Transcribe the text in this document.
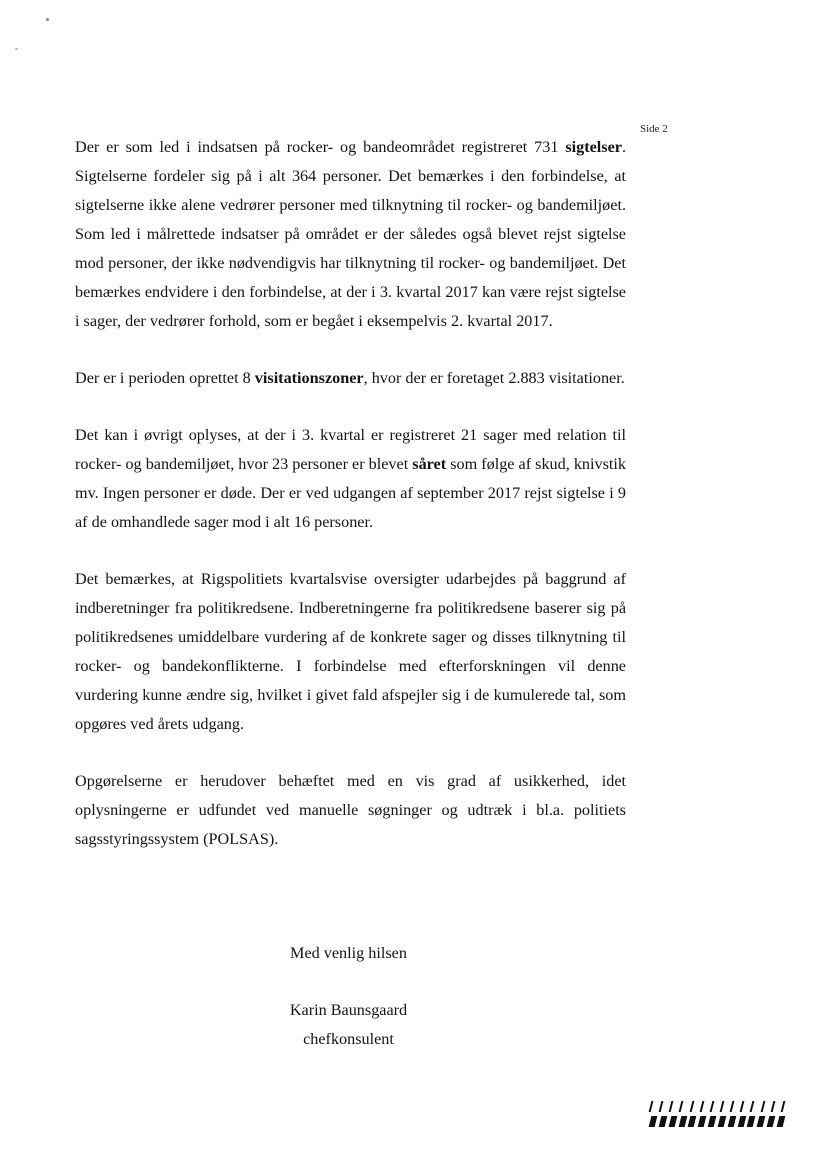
Side 2

Der er som led i indsatsen på rocker- og bandeområdet registreret 731 sigtelser. Sigtelserne fordeler sig på i alt 364 personer. Det bemærkes i den forbindelse, at sigtelserne ikke alene vedrører personer med tilknytning til rocker- og bandemiljøet. Som led i målrettede indsatser på området er der således også blevet rejst sigtelse mod personer, der ikke nødvendigvis har tilknytning til rocker- og bandemiljøet. Det bemærkes endvidere i den forbindelse, at der i 3. kvartal 2017 kan være rejst sigtelse i sager, der vedrører forhold, som er begået i eksempelvis 2. kvartal 2017.

Der er i perioden oprettet 8 visitationszoner, hvor der er foretaget 2.883 visitationer.

Det kan i øvrigt oplyses, at der i 3. kvartal er registreret 21 sager med relation til rocker- og bandemiljøet, hvor 23 personer er blevet såret som følge af skud, knivstik mv. Ingen personer er døde. Der er ved udgangen af september 2017 rejst sigtelse i 9 af de omhandlede sager mod i alt 16 personer.

Det bemærkes, at Rigspolitiets kvartalsvise oversigter udarbejdes på baggrund af indberetninger fra politikredsene. Indberetningerne fra politikredsene baserer sig på politikredsenes umiddelbare vurdering af de konkrete sager og disses tilknytning til rocker- og bandekonflikterne. I forbindelse med efterforskningen vil denne vurdering kunne ændre sig, hvilket i givet fald afspejler sig i de kumulerede tal, som opgøres ved årets udgang.

Opgørelserne er herudover behæftet med en vis grad af usikkerhed, idet oplysningerne er udfundet ved manuelle søgninger og udtræk i bl.a. politiets sagsstyringssystem (POLSAS).

Med venlig hilsen
Karin Baunsgaard
chefkonsulent
